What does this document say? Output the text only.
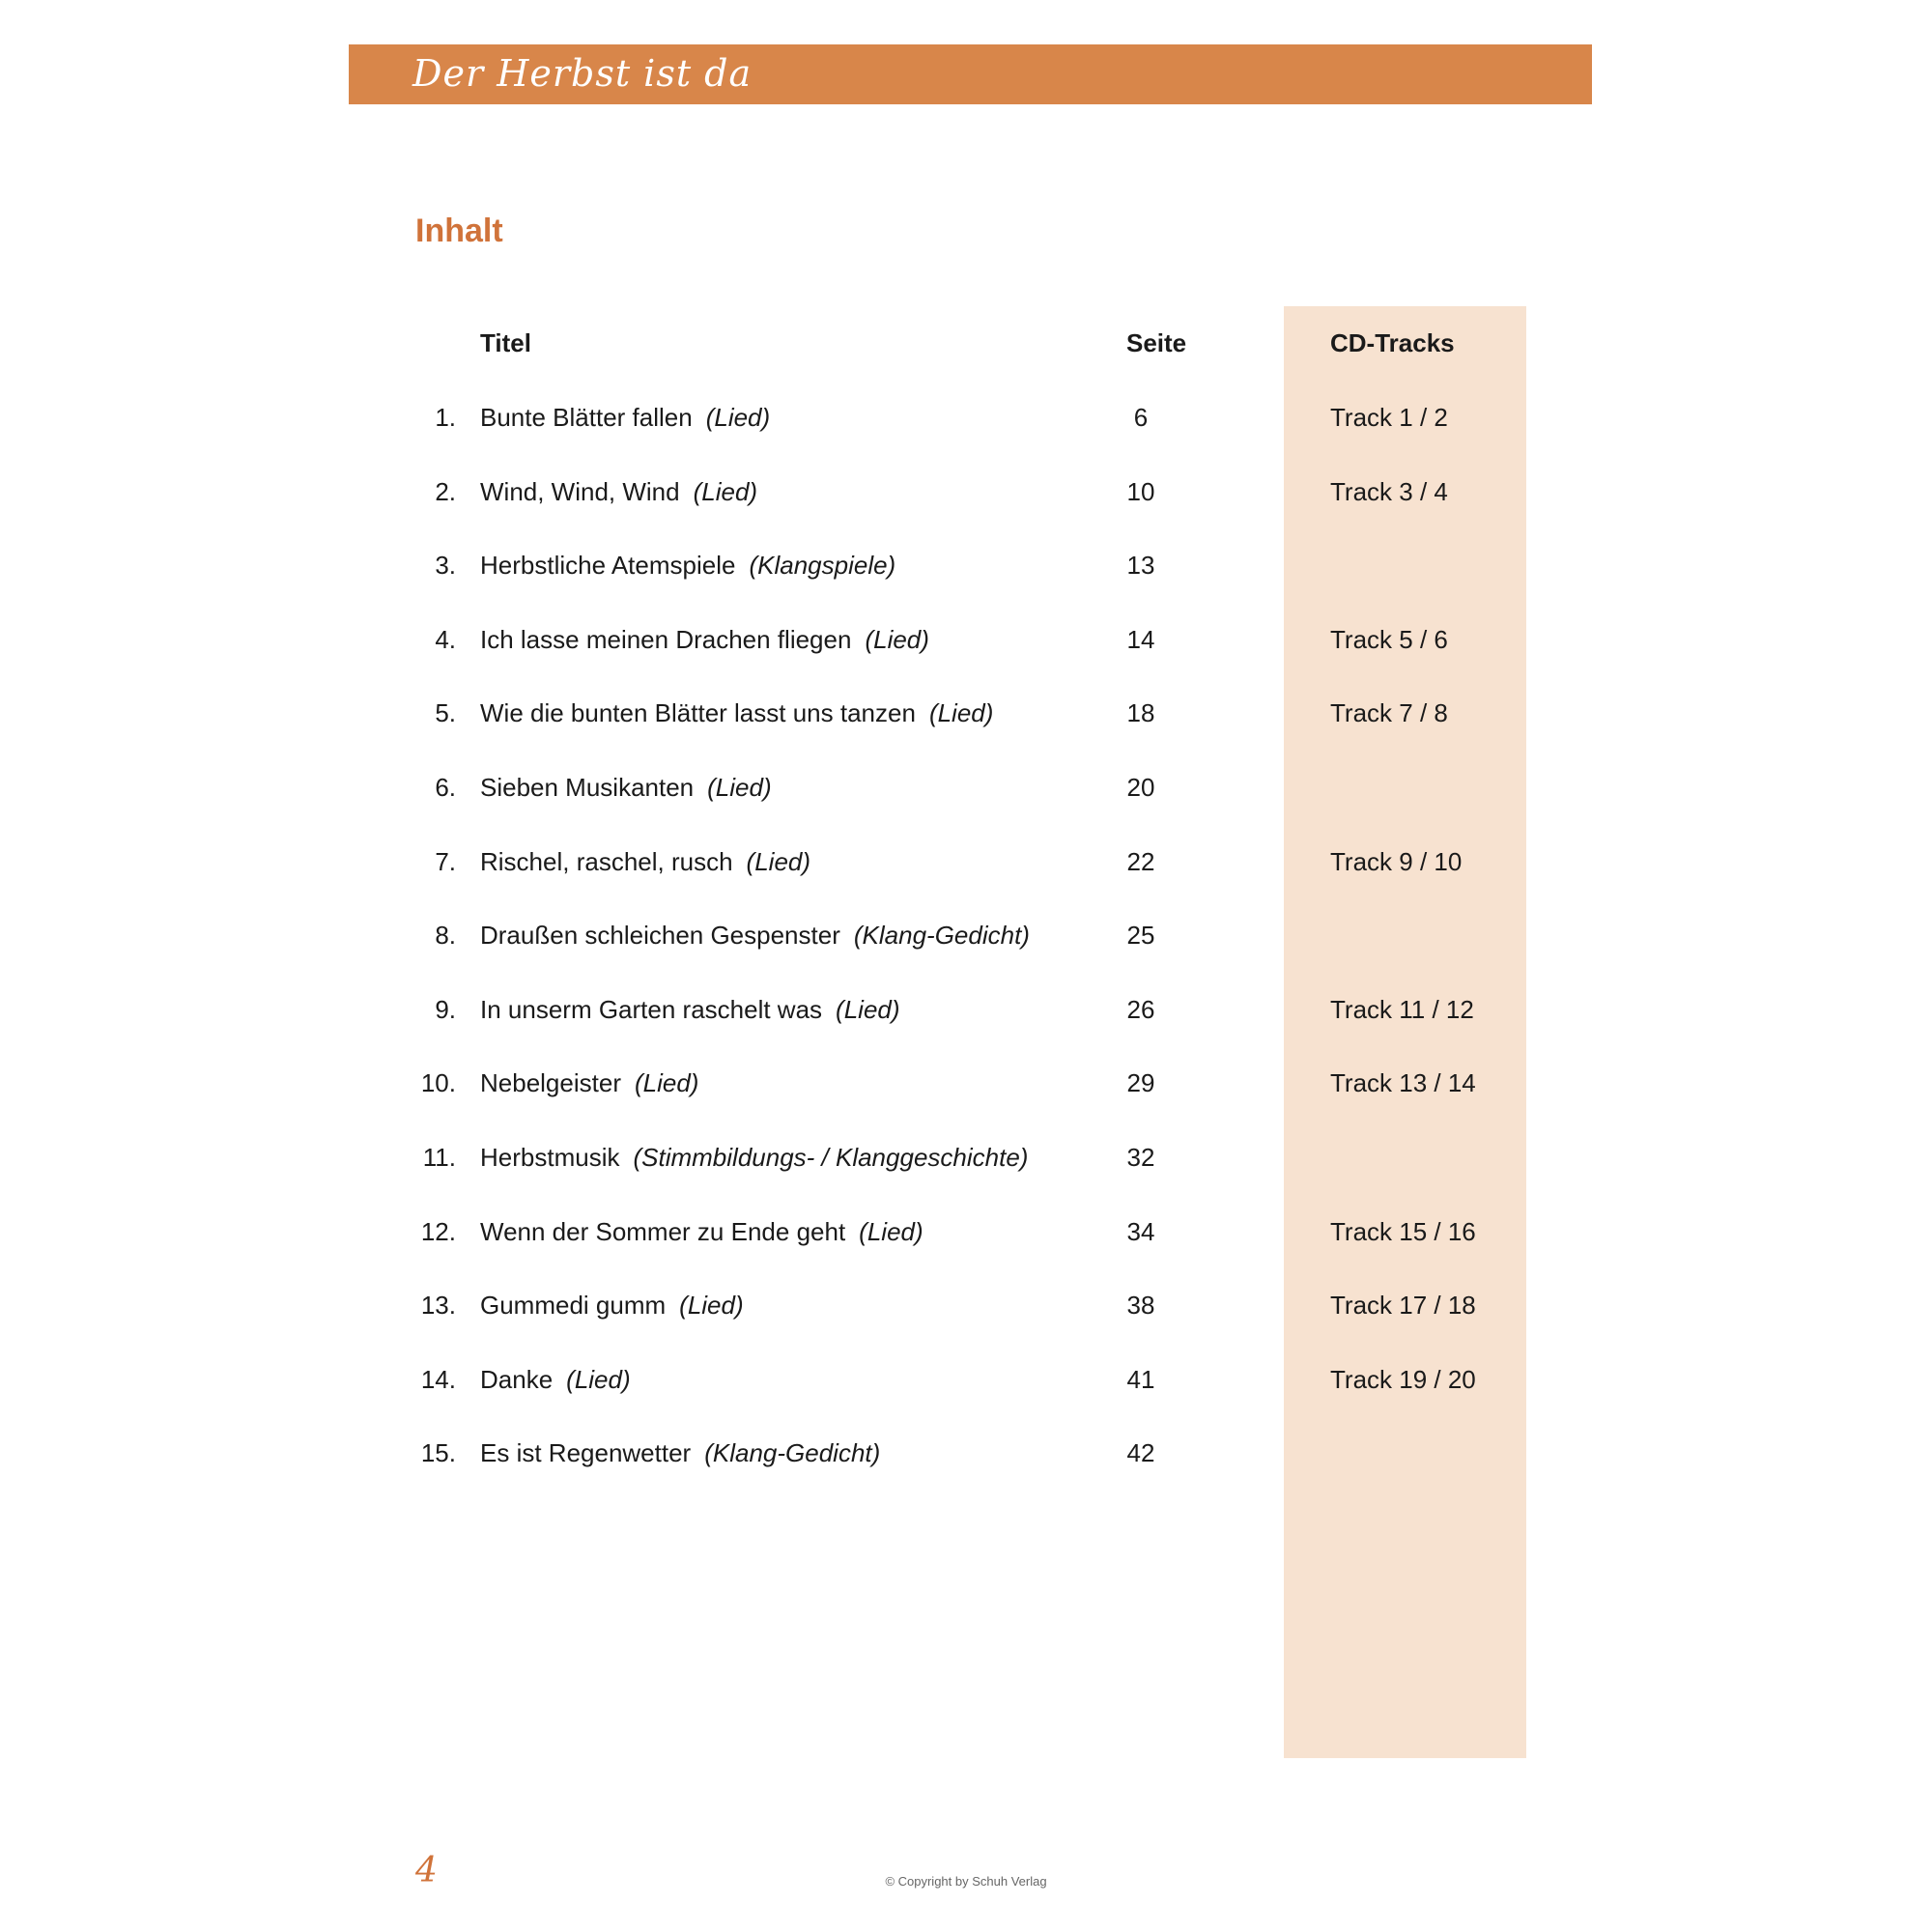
Der Herbst ist da
Inhalt
Titel	Seite	CD-Tracks
1. Bunte Blätter fallen (Lied)	6	Track 1 / 2
2. Wind, Wind, Wind (Lied)	10	Track 3 / 4
3. Herbstliche Atemspiele (Klangspiele)	13
4. Ich lasse meinen Drachen fliegen (Lied)	14	Track 5 / 6
5. Wie die bunten Blätter lasst uns tanzen (Lied)	18	Track 7 / 8
6. Sieben Musikanten (Lied)	20
7. Rischel, raschel, rusch (Lied)	22	Track 9 / 10
8. Draußen schleichen Gespenster (Klang-Gedicht)	25
9. In unserm Garten raschelt was (Lied)	26	Track 11 / 12
10. Nebelgeister (Lied)	29	Track 13 / 14
11. Herbstmusik (Stimmbildungs- / Klanggeschichte)	32
12. Wenn der Sommer zu Ende geht (Lied)	34	Track 15 / 16
13. Gummedi gumm (Lied)	38	Track 17 / 18
14. Danke (Lied)	41	Track 19 / 20
15. Es ist Regenwetter (Klang-Gedicht)	42
4	© Copyright by Schuh Verlag
